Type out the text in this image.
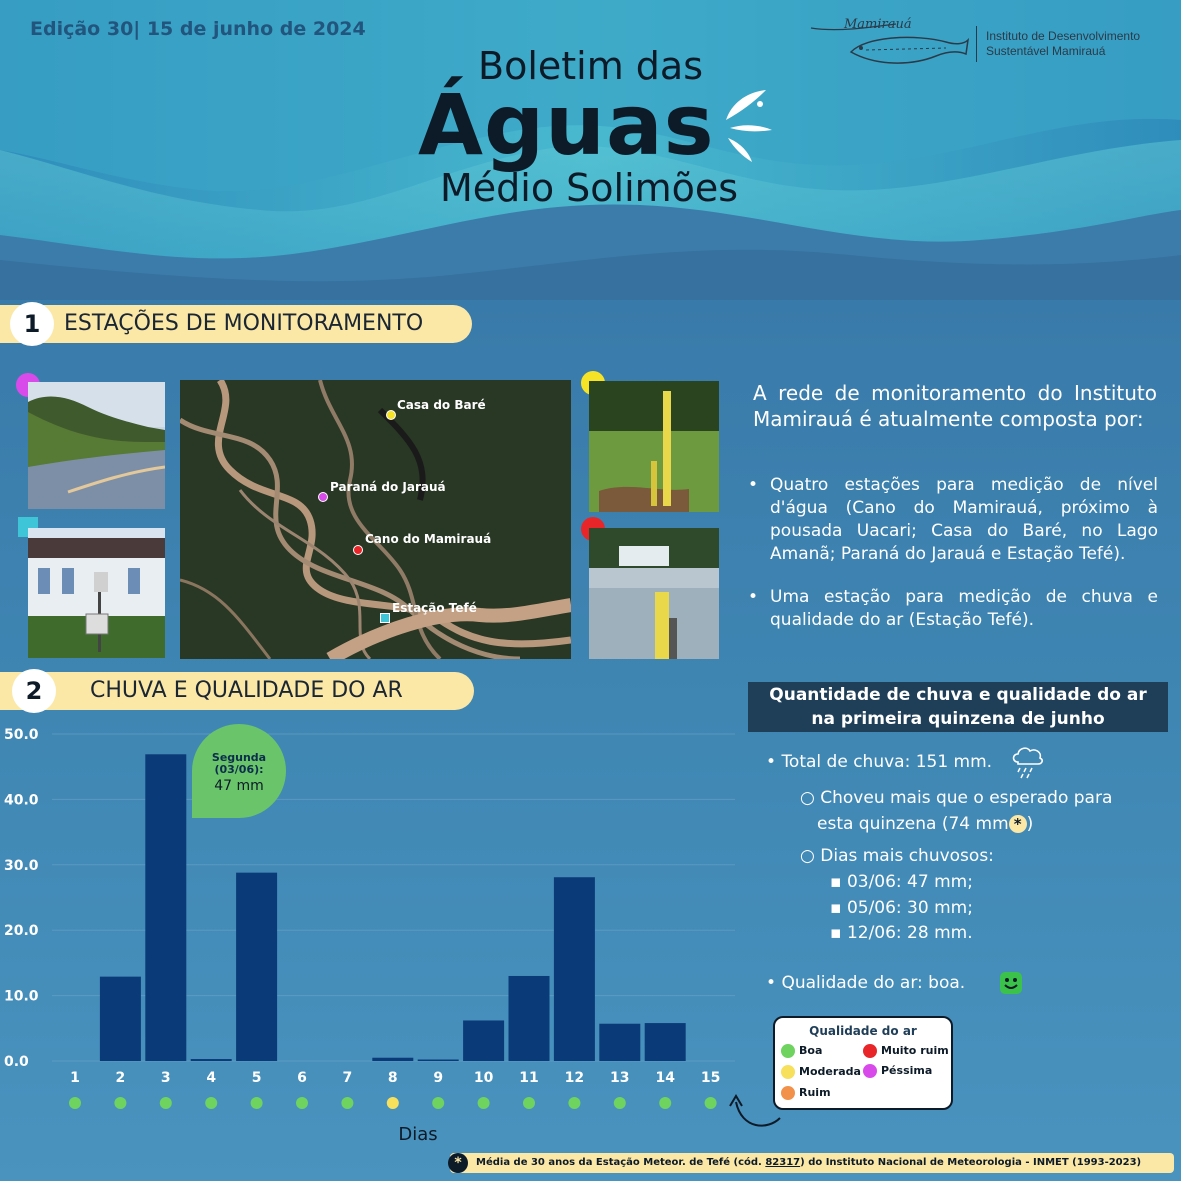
Edição 30| 15 de junho de 2024	Mamirauá
Instituto de Desenvolvimento
Sustentável Mamirauá
Boletim das
Águas
Médio Solimões
1	ESTAÇÕES DE MONITORAMENTO
Casa do Baré
Paraná do Jarauá
Cano do Mamirauá
Estação Tefé
A rede de monitoramento do Instituto Mamirauá é atualmente composta por:
• Quatro estações para medição de nível d'água (Cano do Mamirauá, próximo à pousada Uacari; Casa do Baré, no Lago Amanã; Paraná do Jarauá e Estação Tefé).
• Uma estação para medição de chuva e qualidade do ar (Estação Tefé).
2	CHUVA E QUALIDADE DO AR	Quantidade de chuva e qualidade do ar
na primeira quinzena de junho
• Total de chuva: 151 mm.
○ Choveu mais que o esperado para
esta quinzena (74 mm * )
○ Dias mais chuvosos:
▪ 03/06: 47 mm;
▪ 05/06: 30 mm;
▪ 12/06: 28 mm.
• Qualidade do ar: boa.
0.0
10.0
20.0
30.0
40.0
50.0
1	2	3	4	5	6	7	8	9 10 11 12 13 14 15
Dias
Segunda
(03/06):
47 mm
Qualidade do ar
Boa
Moderada
Ruim
Muito ruim
Péssima
*	Média de 30 anos da Estação Meteor. de Tefé (cód. 82317) do Instituto Nacional de Meteorologia - INMET (1993-2023)
